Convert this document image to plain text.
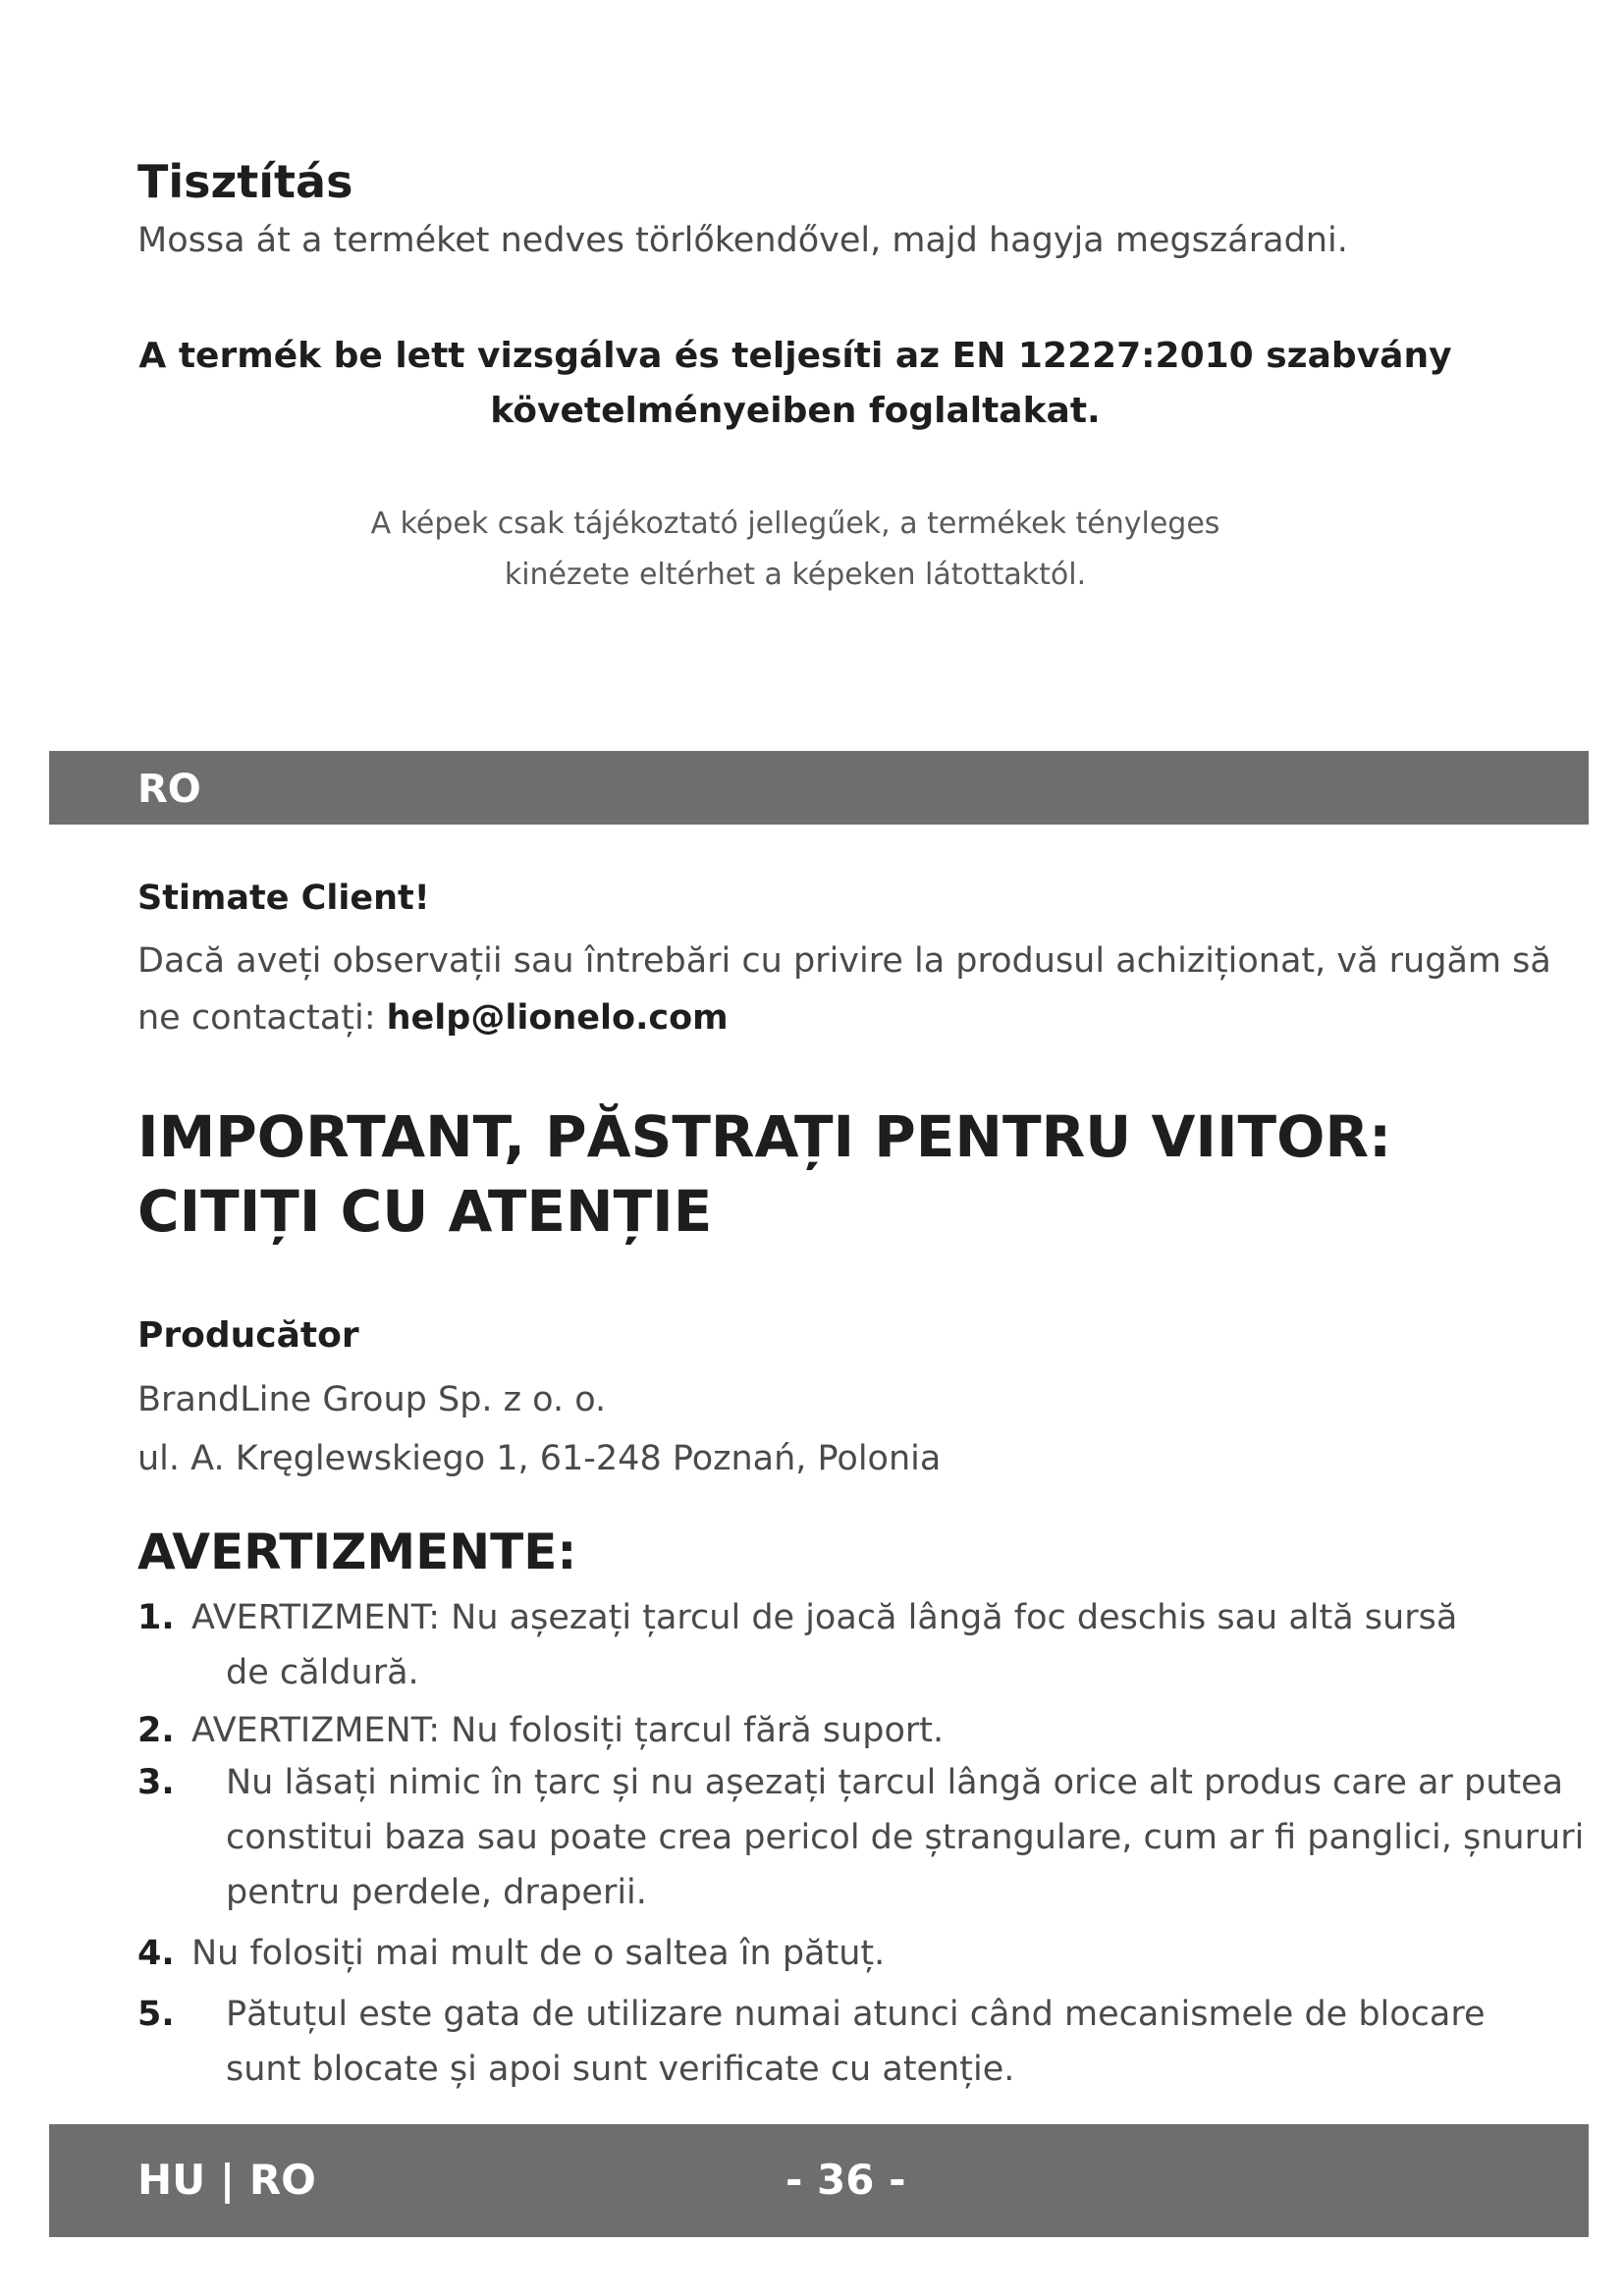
Tisztítás
Mossa át a terméket nedves törlőkendővel, majd hagyja megszáradni.
A termék be lett vizsgálva és teljesíti az EN 12227:2010 szabvány
követelményeiben foglaltakat.
A képek csak tájékoztató jellegűek, a termékek tényleges
kinézete eltérhet a képeken látottaktól.
RO
Stimate Client!
Dacă aveți observații sau întrebări cu privire la produsul achiziționat, vă rugăm să
ne contactați: help@lionelo.com
IMPORTANT, PĂSTRAȚI PENTRU VIITOR:
CITIȚI CU ATENȚIE
Producător
BrandLine Group Sp. z o. o.
ul. A. Kręglewskiego 1, 61-248 Poznań, Polonia
AVERTIZMENTE:
1. AVERTIZMENT: Nu așezați țarcul de joacă lângă foc deschis sau altă sursă
de căldură.
2. AVERTIZMENT: Nu folosiți țarcul fără suport.
3. Nu lăsați nimic în țarc și nu așezați țarcul lângă orice alt produs care ar putea
constitui baza sau poate crea pericol de ștrangulare, cum ar fi panglici, șnururi
pentru perdele, draperii.
4. Nu folosiți mai mult de o saltea în pătuț.
5. Pătuțul este gata de utilizare numai atunci când mecanismele de blocare
sunt blocate și apoi sunt verificate cu atenție.
HU | RO	- 36 -
